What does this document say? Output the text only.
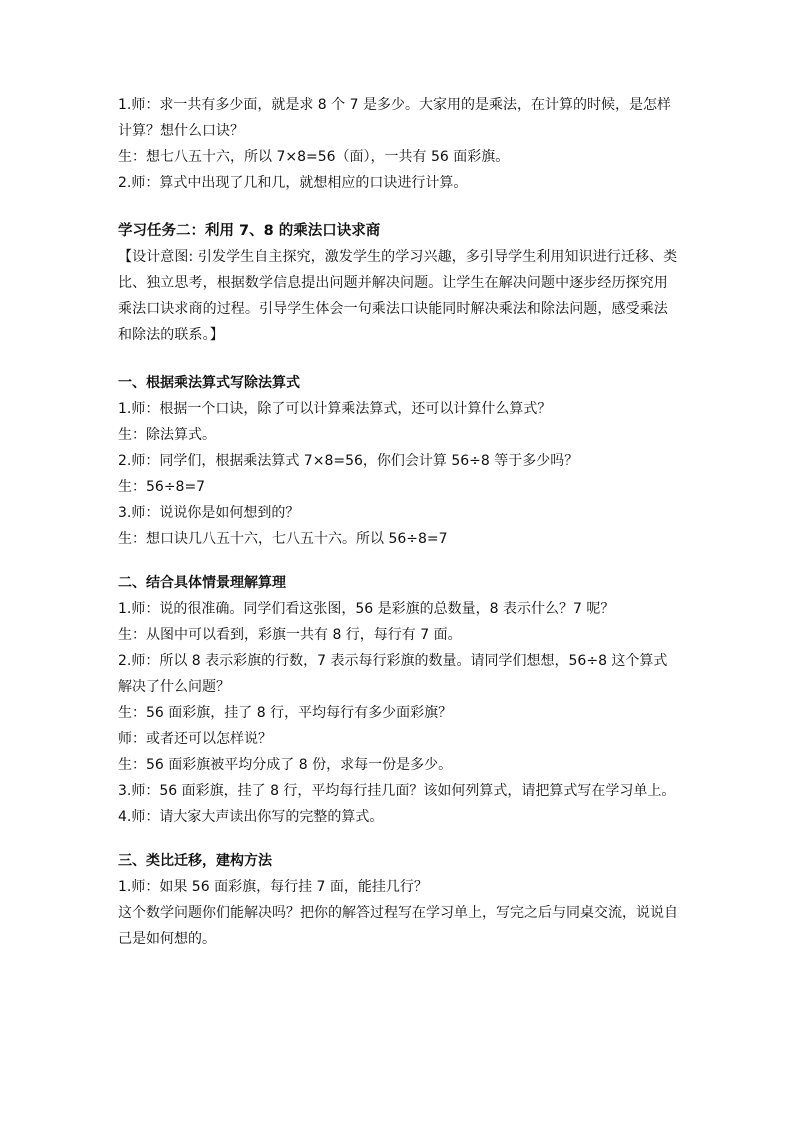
1.师：求一共有多少面，就是求 8 个 7 是多少。大家用的是乘法，在计算的时候，是怎样计算？想什么口诀？

生：想七八五十六，所以 7×8=56（面），一共有 56 面彩旗。

2.师：算式中出现了几和几，就想相应的口诀进行计算。

学习任务二：利用 7、8 的乘法口诀求商

【设计意图: 引发学生自主探究，激发学生的学习兴趣，多引导学生利用知识进行迁移、类比、独立思考，根据数学信息提出问题并解决问题。让学生在解决问题中逐步经历探究用乘法口诀求商的过程。引导学生体会一句乘法口诀能同时解决乘法和除法问题，感受乘法和除法的联系。】

一、根据乘法算式写除法算式

1.师：根据一个口诀，除了可以计算乘法算式，还可以计算什么算式？

生：除法算式。

2.师：同学们，根据乘法算式 7×8=56，你们会计算 56÷8 等于多少吗？

生：56÷8=7

3.师：说说你是如何想到的？

生：想口诀几八五十六，七八五十六。所以 56÷8=7

二、结合具体情景理解算理

1.师：说的很准确。同学们看这张图，56 是彩旗的总数量，8 表示什么？7 呢？

生：从图中可以看到，彩旗一共有 8 行，每行有 7 面。

2.师：所以 8 表示彩旗的行数，7 表示每行彩旗的数量。请同学们想想，56÷8 这个算式解决了什么问题？

生：56 面彩旗，挂了 8 行，平均每行有多少面彩旗？

师：或者还可以怎样说？

生：56 面彩旗被平均分成了 8 份，求每一份是多少。

3.师：56 面彩旗，挂了 8 行，平均每行挂几面？该如何列算式，请把算式写在学习单上。

4.师：请大家大声读出你写的完整的算式。

三、类比迁移，建构方法

1.师：如果 56 面彩旗，每行挂 7 面，能挂几行？

这个数学问题你们能解决吗？把你的解答过程写在学习单上，写完之后与同桌交流，说说自己是如何想的。
